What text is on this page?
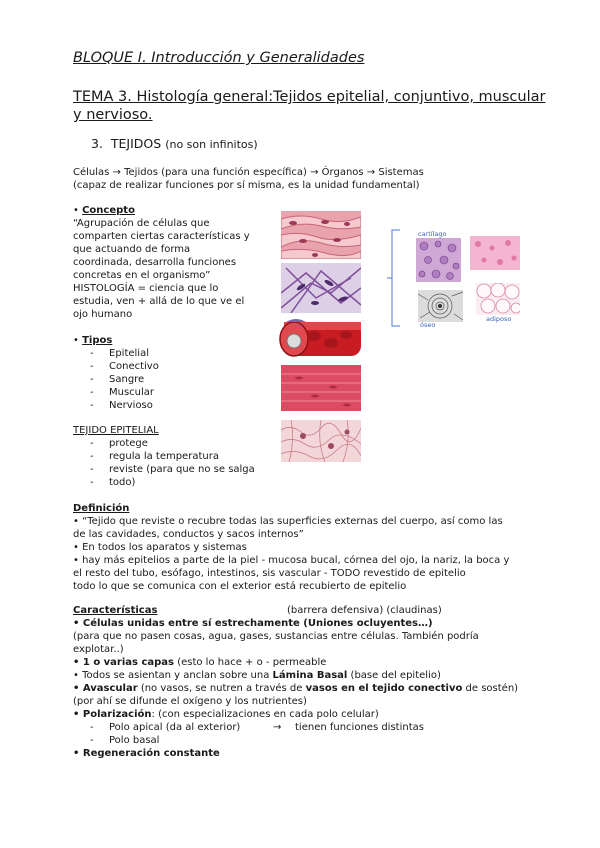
BLOQUE I. Introducción y Generalidades
TEMA 3. Histología general:Tejidos epitelial, conjuntivo, muscular
y nervioso.
3. TEJIDOS (no son infinitos)
Células → Tejidos (para una función específica) → Órganos → Sistemas
(capaz de realizar funciones por sí misma, es la unidad fundamental)
• Concepto
“Agrupación de células que
comparten ciertas características y
que actuando de forma
coordinada, desarrolla funciones
concretas en el organismo”
HISTOLOGÍA = ciencia que lo
estudia, ven + allá de lo que ve el
ojo humano
• Tipos
- Epitelial
- Conectivo
- Sangre
- Muscular
- Nervioso
TEJIDO EPITELIAL
- protege
- regula la temperatura
- reviste (para que no se salga
- todo)
Definición
• “Tejido que reviste o recubre todas las superficies externas del cuerpo, así como las
de las cavidades, conductos y sacos internos”
• En todos los aparatos y sistemas
• hay más epitelios a parte de la piel - mucosa bucal, córnea del ojo, la nariz, la boca y
el resto del tubo, esófago, intestinos, sis vascular - TODO revestido de epitelio
todo lo que se comunica con el exterior está recubierto de epitelio
Características	(barrera defensiva) (claudinas)
• Células unidas entre sí estrechamente (Uniones ocluyentes…)
(para que no pasen cosas, agua, gases, sustancias entre células. También podría
explotar..)
• 1 o varias capas (esto lo hace + o - permeable
• Todos se asientan y anclan sobre una Lámina Basal (base del epitelio)
• Avascular (no vasos, se nutren a través de vasos en el tejido conectivo de sostén)
(por ahí se difunde el oxígeno y los nutrientes)
• Polarización: (con especializaciones en cada polo celular)
- Polo apical (da al exterior)	→ tienen funciones distintas
- Polo basal
• Regeneración constante
cartílago
óseo
adiposo
